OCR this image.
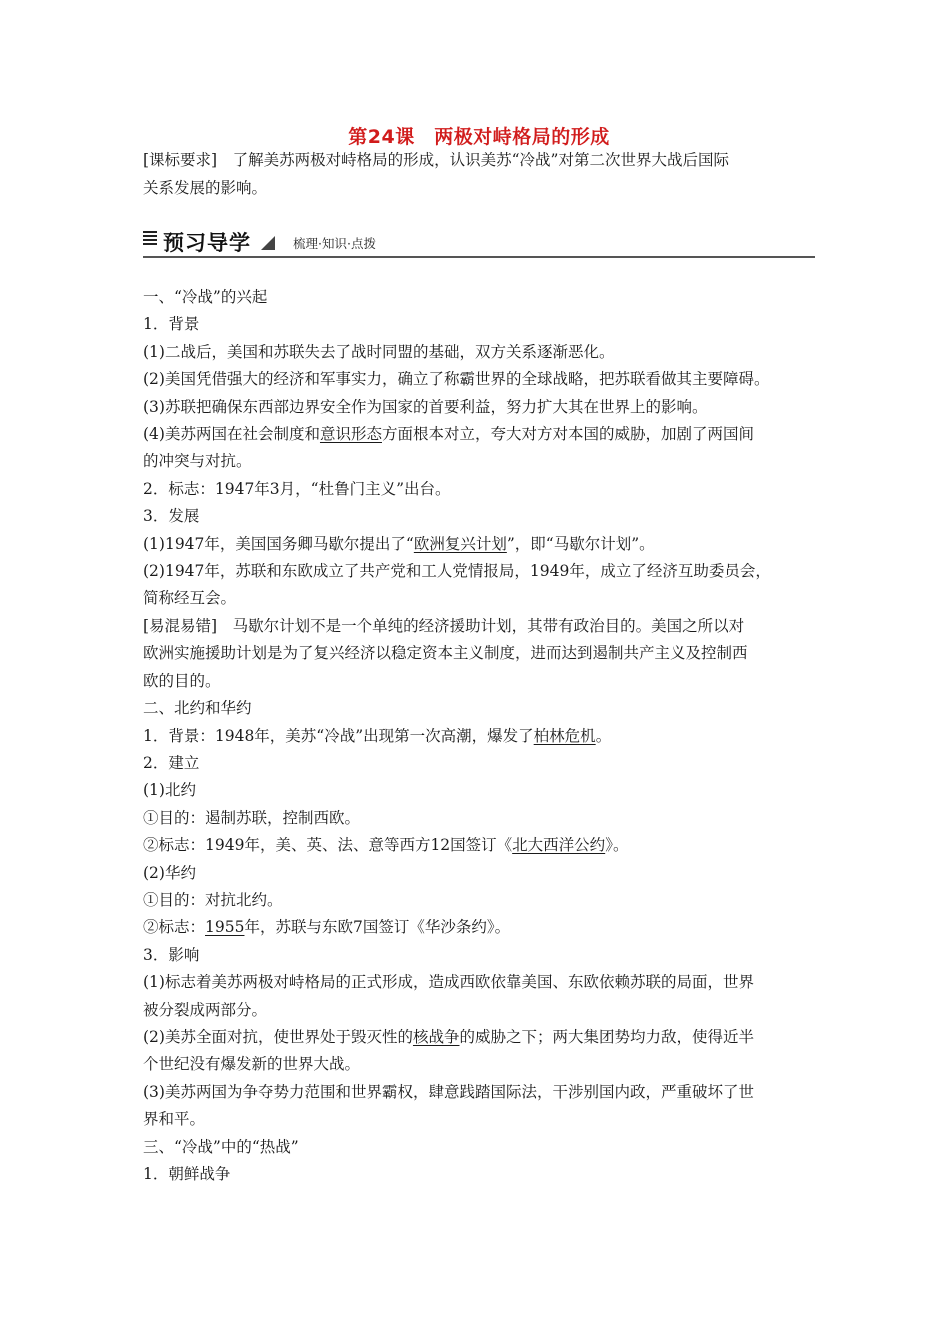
第24课　两极对峙格局的形成
[课标要求]　了解美苏两极对峙格局的形成，认识美苏“冷战”对第二次世界大战后国际
关系发展的影响。
预习导学	梳理·知识·点拨
一、“冷战”的兴起
1．背景
(1)二战后，美国和苏联失去了战时同盟的基础，双方关系逐渐恶化。
(2)美国凭借强大的经济和军事实力，确立了称霸世界的全球战略，把苏联看做其主要障碍。
(3)苏联把确保东西部边界安全作为国家的首要利益，努力扩大其在世界上的影响。
(4)美苏两国在社会制度和意识形态方面根本对立，夸大对方对本国的威胁，加剧了两国间
的冲突与对抗。
2．标志：1947年3月，“杜鲁门主义”出台。
3．发展
(1)1947年，美国国务卿马歇尔提出了“欧洲复兴计划”，即“马歇尔计划”。
(2)1947年，苏联和东欧成立了共产党和工人党情报局，1949年，成立了经济互助委员会，
简称经互会。
[易混易错]　马歇尔计划不是一个单纯的经济援助计划，其带有政治目的。美国之所以对
欧洲实施援助计划是为了复兴经济以稳定资本主义制度，进而达到遏制共产主义及控制西
欧的目的。
二、北约和华约
1．背景：1948年，美苏“冷战”出现第一次高潮，爆发了柏林危机。
2．建立
(1)北约
①目的：遏制苏联，控制西欧。
②标志：1949年，美、英、法、意等西方12国签订《北大西洋公约》。
(2)华约
①目的：对抗北约。
②标志：1955年，苏联与东欧7国签订《华沙条约》。
3．影响
(1)标志着美苏两极对峙格局的正式形成，造成西欧依靠美国、东欧依赖苏联的局面，世界
被分裂成两部分。
(2)美苏全面对抗，使世界处于毁灭性的核战争的威胁之下；两大集团势均力敌，使得近半
个世纪没有爆发新的世界大战。
(3)美苏两国为争夺势力范围和世界霸权，肆意践踏国际法，干涉别国内政，严重破坏了世
界和平。
三、“冷战”中的“热战”
1．朝鲜战争
